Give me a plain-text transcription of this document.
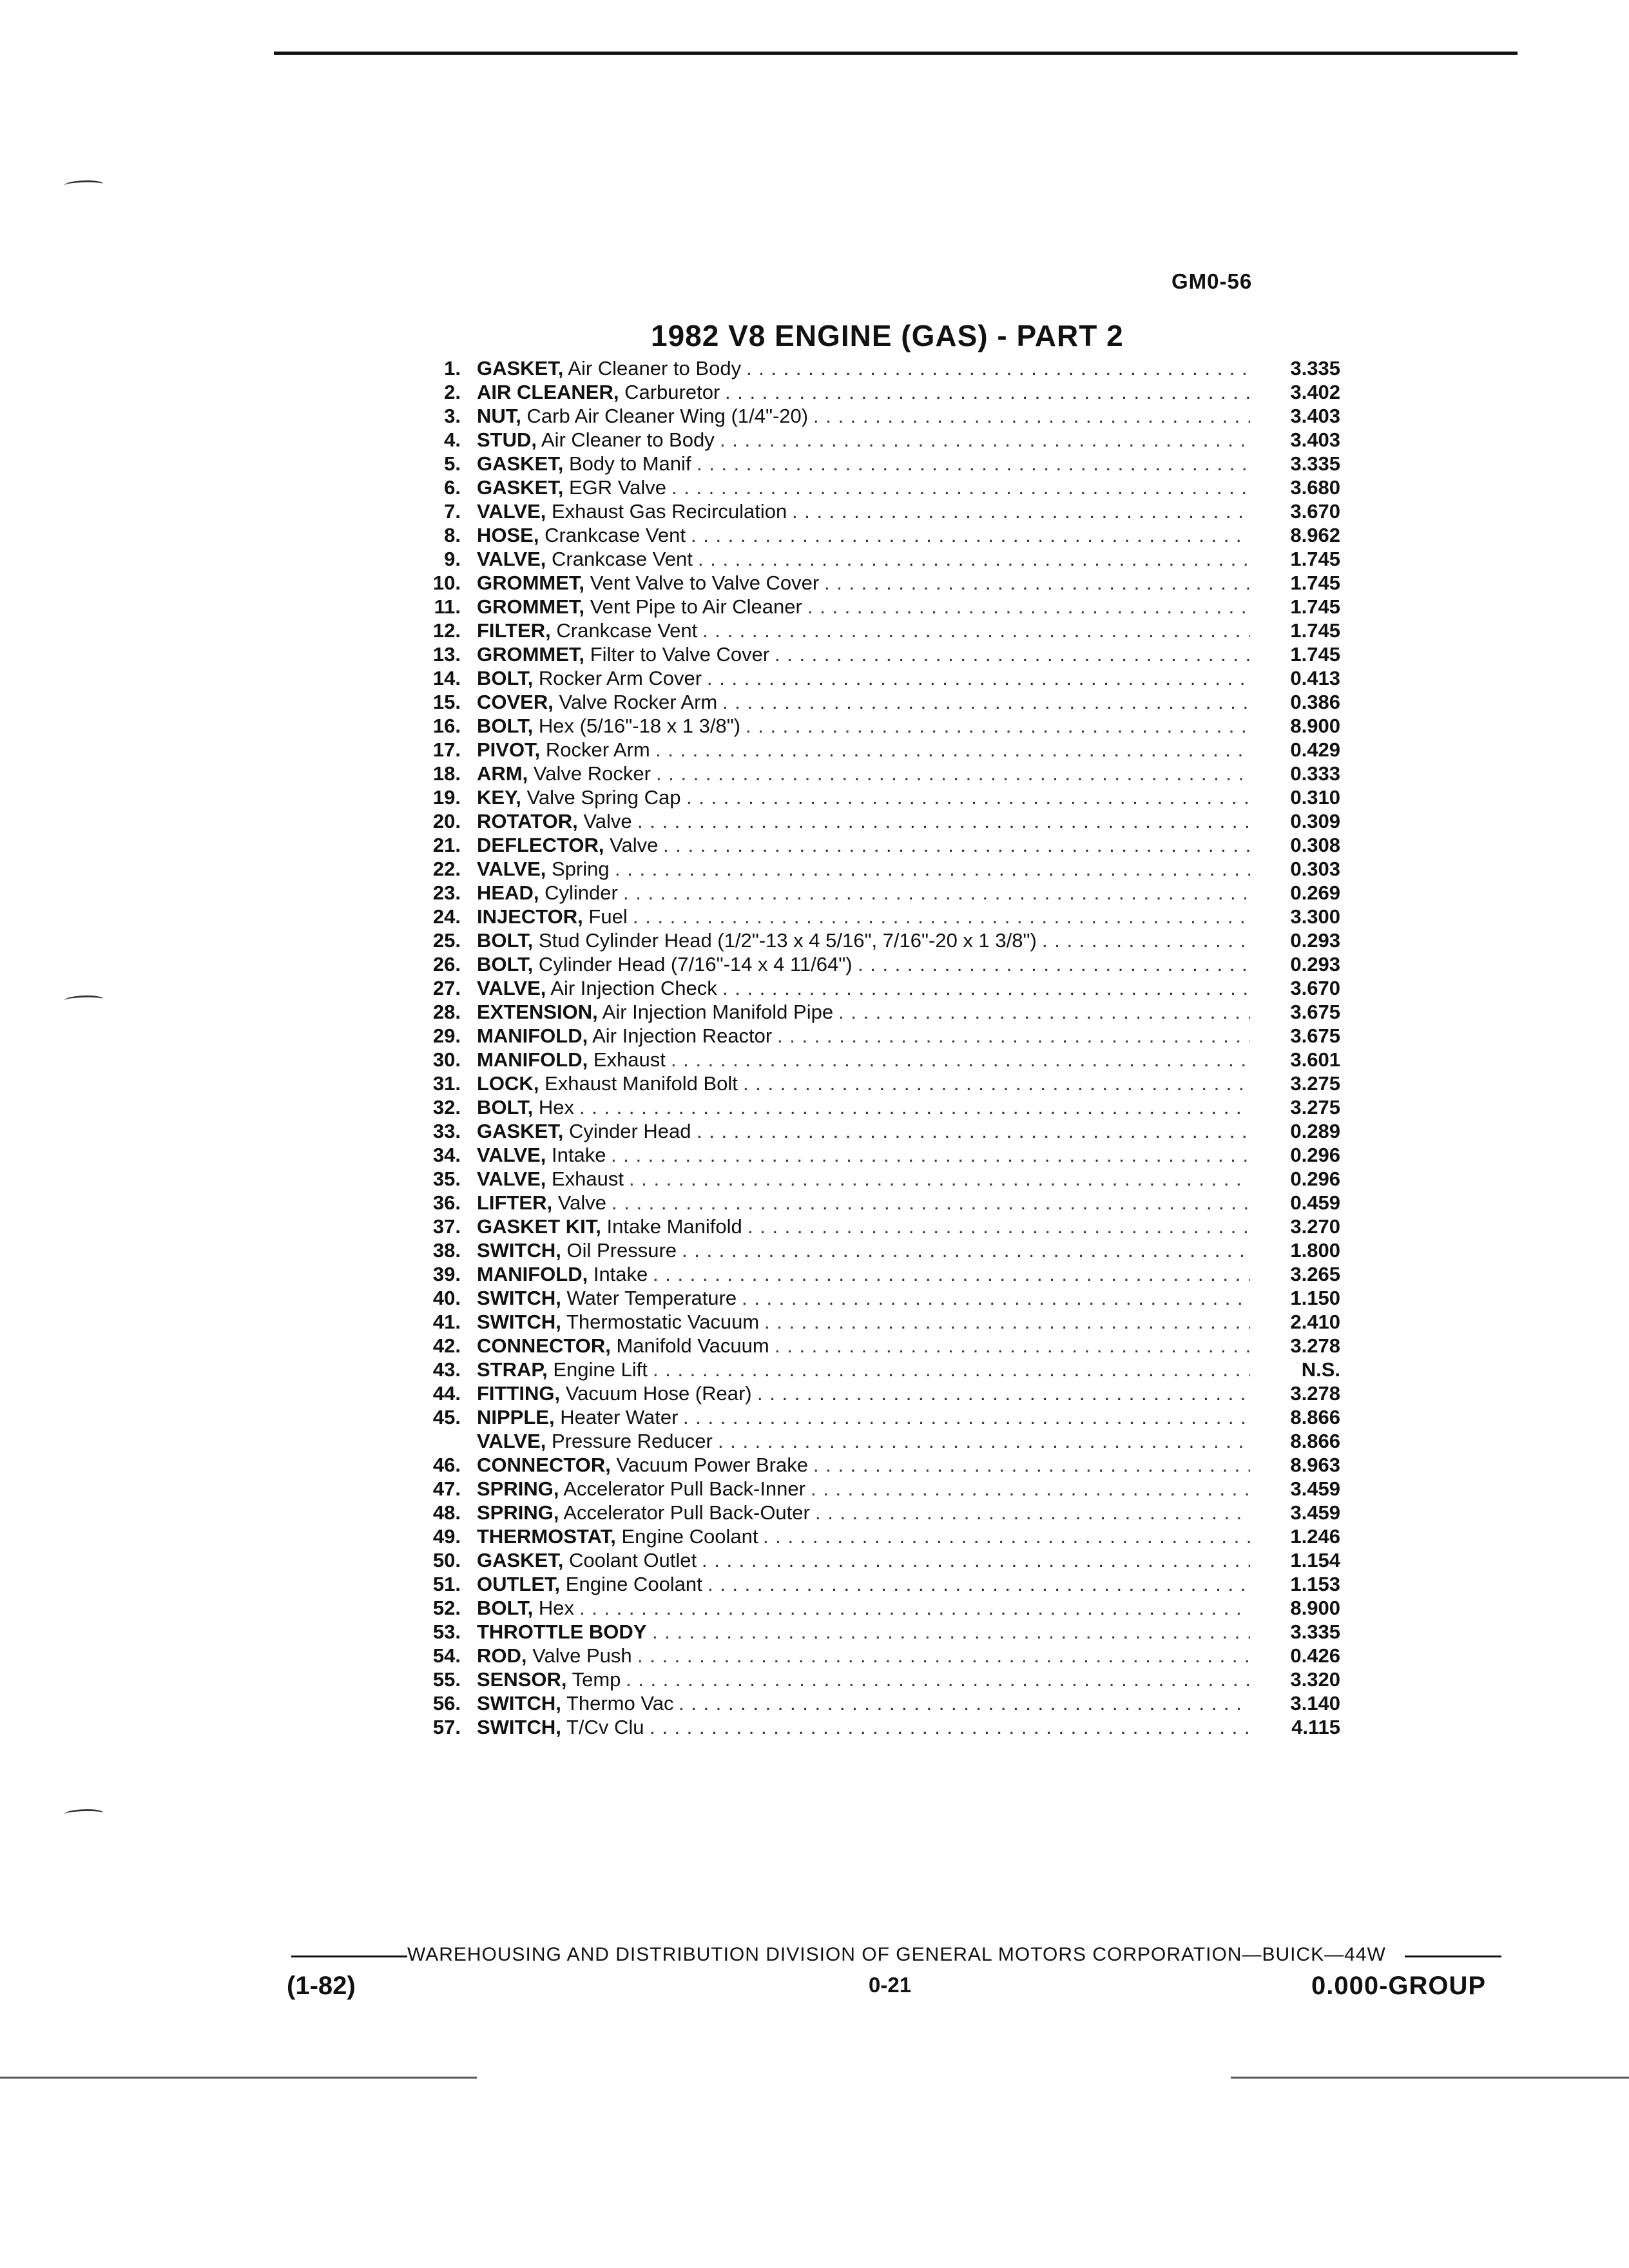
GM0-56
1982 V8 ENGINE (GAS) - PART 2
1. GASKET, Air Cleaner to Body . . .	3.335
2. AIR CLEANER, Carburetor . . .	3.402
3. NUT, Carb Air Cleaner Wing (1/4"-20) . . .	3.403
4. STUD, Air Cleaner to Body . . .	3.403
5. GASKET, Body to Manif . . .	3.335
6. GASKET, EGR Valve . . .	3.680
7. VALVE, Exhaust Gas Recirculation . . .	3.670
8. HOSE, Crankcase Vent . . .	8.962
9. VALVE, Crankcase Vent . . .	1.745
10. GROMMET, Vent Valve to Valve Cover . . .	1.745
11. GROMMET, Vent Pipe to Air Cleaner . . .	1.745
12. FILTER, Crankcase Vent . . .	1.745
13. GROMMET, Filter to Valve Cover . . .	1.745
14. BOLT, Rocker Arm Cover . . .	0.413
15. COVER, Valve Rocker Arm . . .	0.386
16. BOLT, Hex (5/16"-18 x 1 3/8") . . .	8.900
17. PIVOT, Rocker Arm . . .	0.429
18. ARM, Valve Rocker . . .	0.333
19. KEY, Valve Spring Cap . . .	0.310
20. ROTATOR, Valve . . .	0.309
21. DEFLECTOR, Valve . . .	0.308
22. VALVE, Spring . . .	0.303
23. HEAD, Cylinder . . .	0.269
24. INJECTOR, Fuel . . .	3.300
25. BOLT, Stud Cylinder Head (1/2"-13 x 4 5/16", 7/16"-20 x 1 3/8") . . .	0.293
26. BOLT, Cylinder Head (7/16"-14 x 4 11/64") . . .	0.293
27. VALVE, Air Injection Check . . .	3.670
28. EXTENSION, Air Injection Manifold Pipe . . .	3.675
29. MANIFOLD, Air Injection Reactor . . .	3.675
30. MANIFOLD, Exhaust . . .	3.601
31. LOCK, Exhaust Manifold Bolt . . .	3.275
32. BOLT, Hex . . .	3.275
33. GASKET, Cyinder Head . . .	0.289
34. VALVE, Intake . . .	0.296
35. VALVE, Exhaust . . .	0.296
36. LIFTER, Valve . . .	0.459
37. GASKET KIT, Intake Manifold . . .	3.270
38. SWITCH, Oil Pressure . . .	1.800
39. MANIFOLD, Intake . . .	3.265
40. SWITCH, Water Temperature . . .	1.150
41. SWITCH, Thermostatic Vacuum . . .	2.410
42. CONNECTOR, Manifold Vacuum . . .	3.278
43. STRAP, Engine Lift . . .	N.S.
44. FITTING, Vacuum Hose (Rear) . . .	3.278
45. NIPPLE, Heater Water . . .	8.866
VALVE, Pressure Reducer . . .	8.866
46. CONNECTOR, Vacuum Power Brake . . .	8.963
47. SPRING, Accelerator Pull Back-Inner . . .	3.459
48. SPRING, Accelerator Pull Back-Outer . . .	3.459
49. THERMOSTAT, Engine Coolant . . .	1.246
50. GASKET, Coolant Outlet . . .	1.154
51. OUTLET, Engine Coolant . . .	1.153
52. BOLT, Hex . . .	8.900
53. THROTTLE BODY . . .	3.335
54. ROD, Valve Push . . .	0.426
55. SENSOR, Temp . . .	3.320
56. SWITCH, Thermo Vac . . .	3.140
57. SWITCH, T/Cv Clu . . .	4.115
WAREHOUSING AND DISTRIBUTION DIVISION OF GENERAL MOTORS CORPORATION—BUICK—44W
(1-82)	0-21	0.000-GROUP
